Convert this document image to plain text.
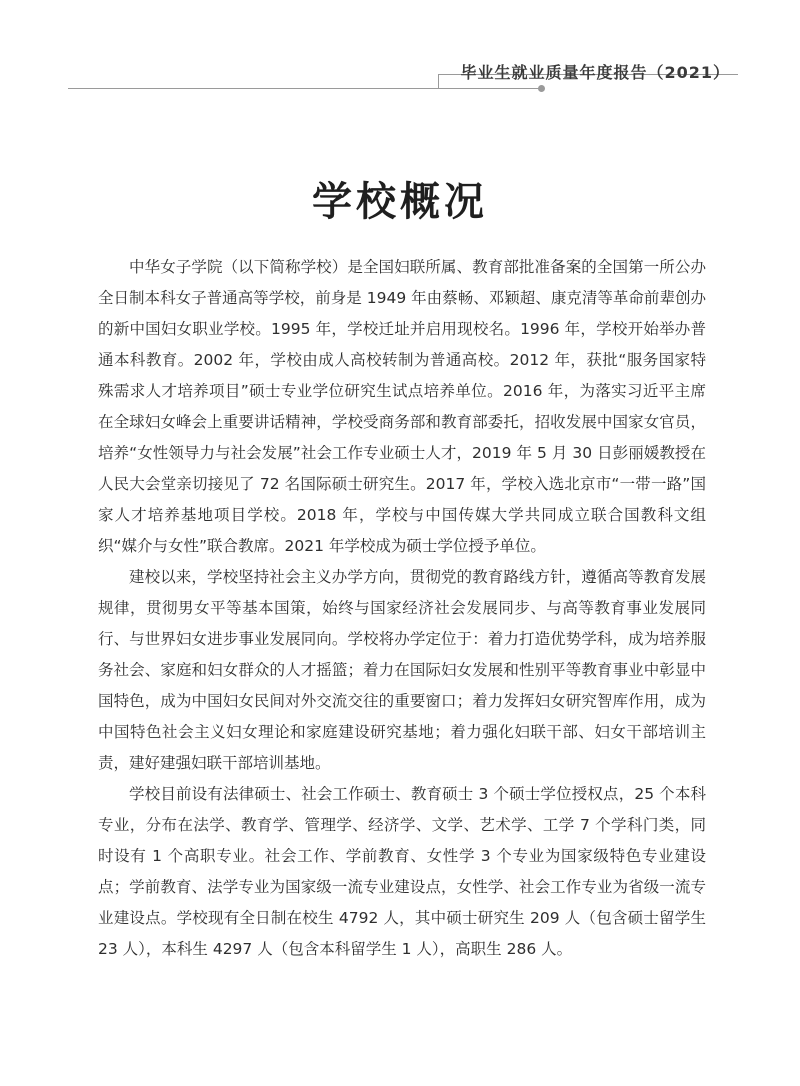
毕业生就业质量年度报告（2021）
学校概况

中华女子学院（以下简称学校）是全国妇联所属、教育部批准备案的全国第一所公办全日制本科女子普通高等学校，前身是 1949 年由蔡畅、邓颖超、康克清等革命前辈创办的新中国妇女职业学校。1995 年，学校迁址并启用现校名。1996 年，学校开始举办普通本科教育。2002 年，学校由成人高校转制为普通高校。2012 年，获批“服务国家特殊需求人才培养项目”硕士专业学位研究生试点培养单位。2016 年，为落实习近平主席在全球妇女峰会上重要讲话精神，学校受商务部和教育部委托，招收发展中国家女官员，培养“女性领导力与社会发展”社会工作专业硕士人才，2019 年 5 月 30 日彭丽媛教授在人民大会堂亲切接见了 72 名国际硕士研究生。2017 年，学校入选北京市“一带一路”国家人才培养基地项目学校。2018 年，学校与中国传媒大学共同成立联合国教科文组织“媒介与女性”联合教席。2021 年学校成为硕士学位授予单位。

建校以来，学校坚持社会主义办学方向，贯彻党的教育路线方针，遵循高等教育发展规律，贯彻男女平等基本国策，始终与国家经济社会发展同步、与高等教育事业发展同行、与世界妇女进步事业发展同向。学校将办学定位于：着力打造优势学科，成为培养服务社会、家庭和妇女群众的人才摇篮；着力在国际妇女发展和性别平等教育事业中彰显中国特色，成为中国妇女民间对外交流交往的重要窗口；着力发挥妇女研究智库作用，成为中国特色社会主义妇女理论和家庭建设研究基地；着力强化妇联干部、妇女干部培训主责，建好建强妇联干部培训基地。

学校目前设有法律硕士、社会工作硕士、教育硕士 3 个硕士学位授权点，25 个本科专业，分布在法学、教育学、管理学、经济学、文学、艺术学、工学 7 个学科门类，同时设有 1 个高职专业。社会工作、学前教育、女性学 3 个专业为国家级特色专业建设点；学前教育、法学专业为国家级一流专业建设点，女性学、社会工作专业为省级一流专业建设点。学校现有全日制在校生 4792 人，其中硕士研究生 209 人（包含硕士留学生 23 人），本科生 4297 人（包含本科留学生 1 人），高职生 286 人。
